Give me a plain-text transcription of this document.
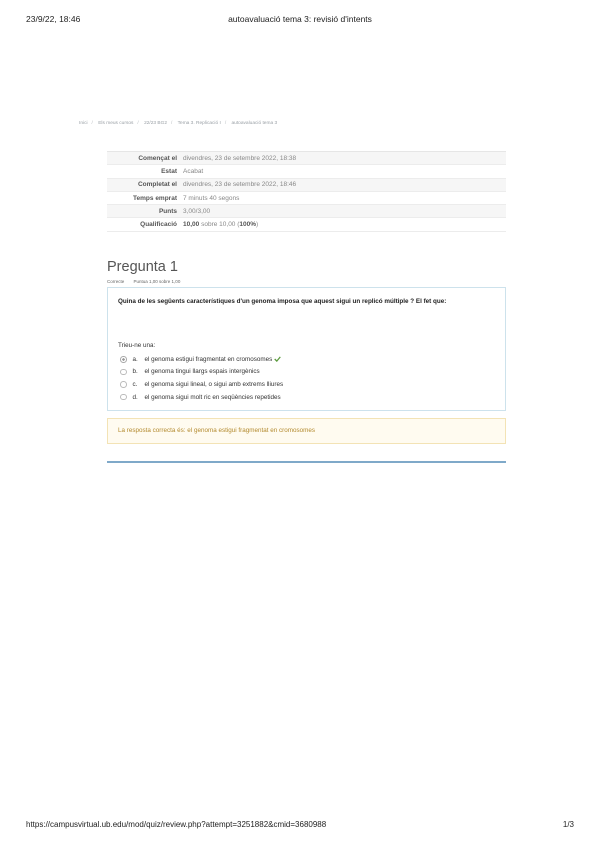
23/9/22, 18:46	autoavaluació tema 3: revisió d'intents
Inici / Els meus cursos / 22/23 BG2 / Tema 3. Replicació I / autoavaluació tema 3
Començat el divendres, 23 de setembre 2022, 18:38
Estat Acabat
Completat el divendres, 23 de setembre 2022, 18:46
Temps emprat 7 minuts 40 segons
Punts 3,00/3,00
Qualificació 10,00 sobre 10,00 (100%)
Pregunta 1
Correcte Puntua 1,00 sobre 1,00
Quina de les següents característiques d'un genoma imposa que aquest sigui un replicó múltiple ? El fet que:
Trieu-ne una:
a.	el genoma estigui fragmentat en cromosomes
b.	el genoma tingui llargs espais intergènics
c.	el genoma sigui lineal, o sigui amb extrems lliures
d.	el genoma sigui molt ric en seqüències repetides
La resposta correcta és: el genoma estigui fragmentat en cromosomes
https://campusvirtual.ub.edu/mod/quiz/review.php?attempt=3251882&cmid=3680988	1/3
